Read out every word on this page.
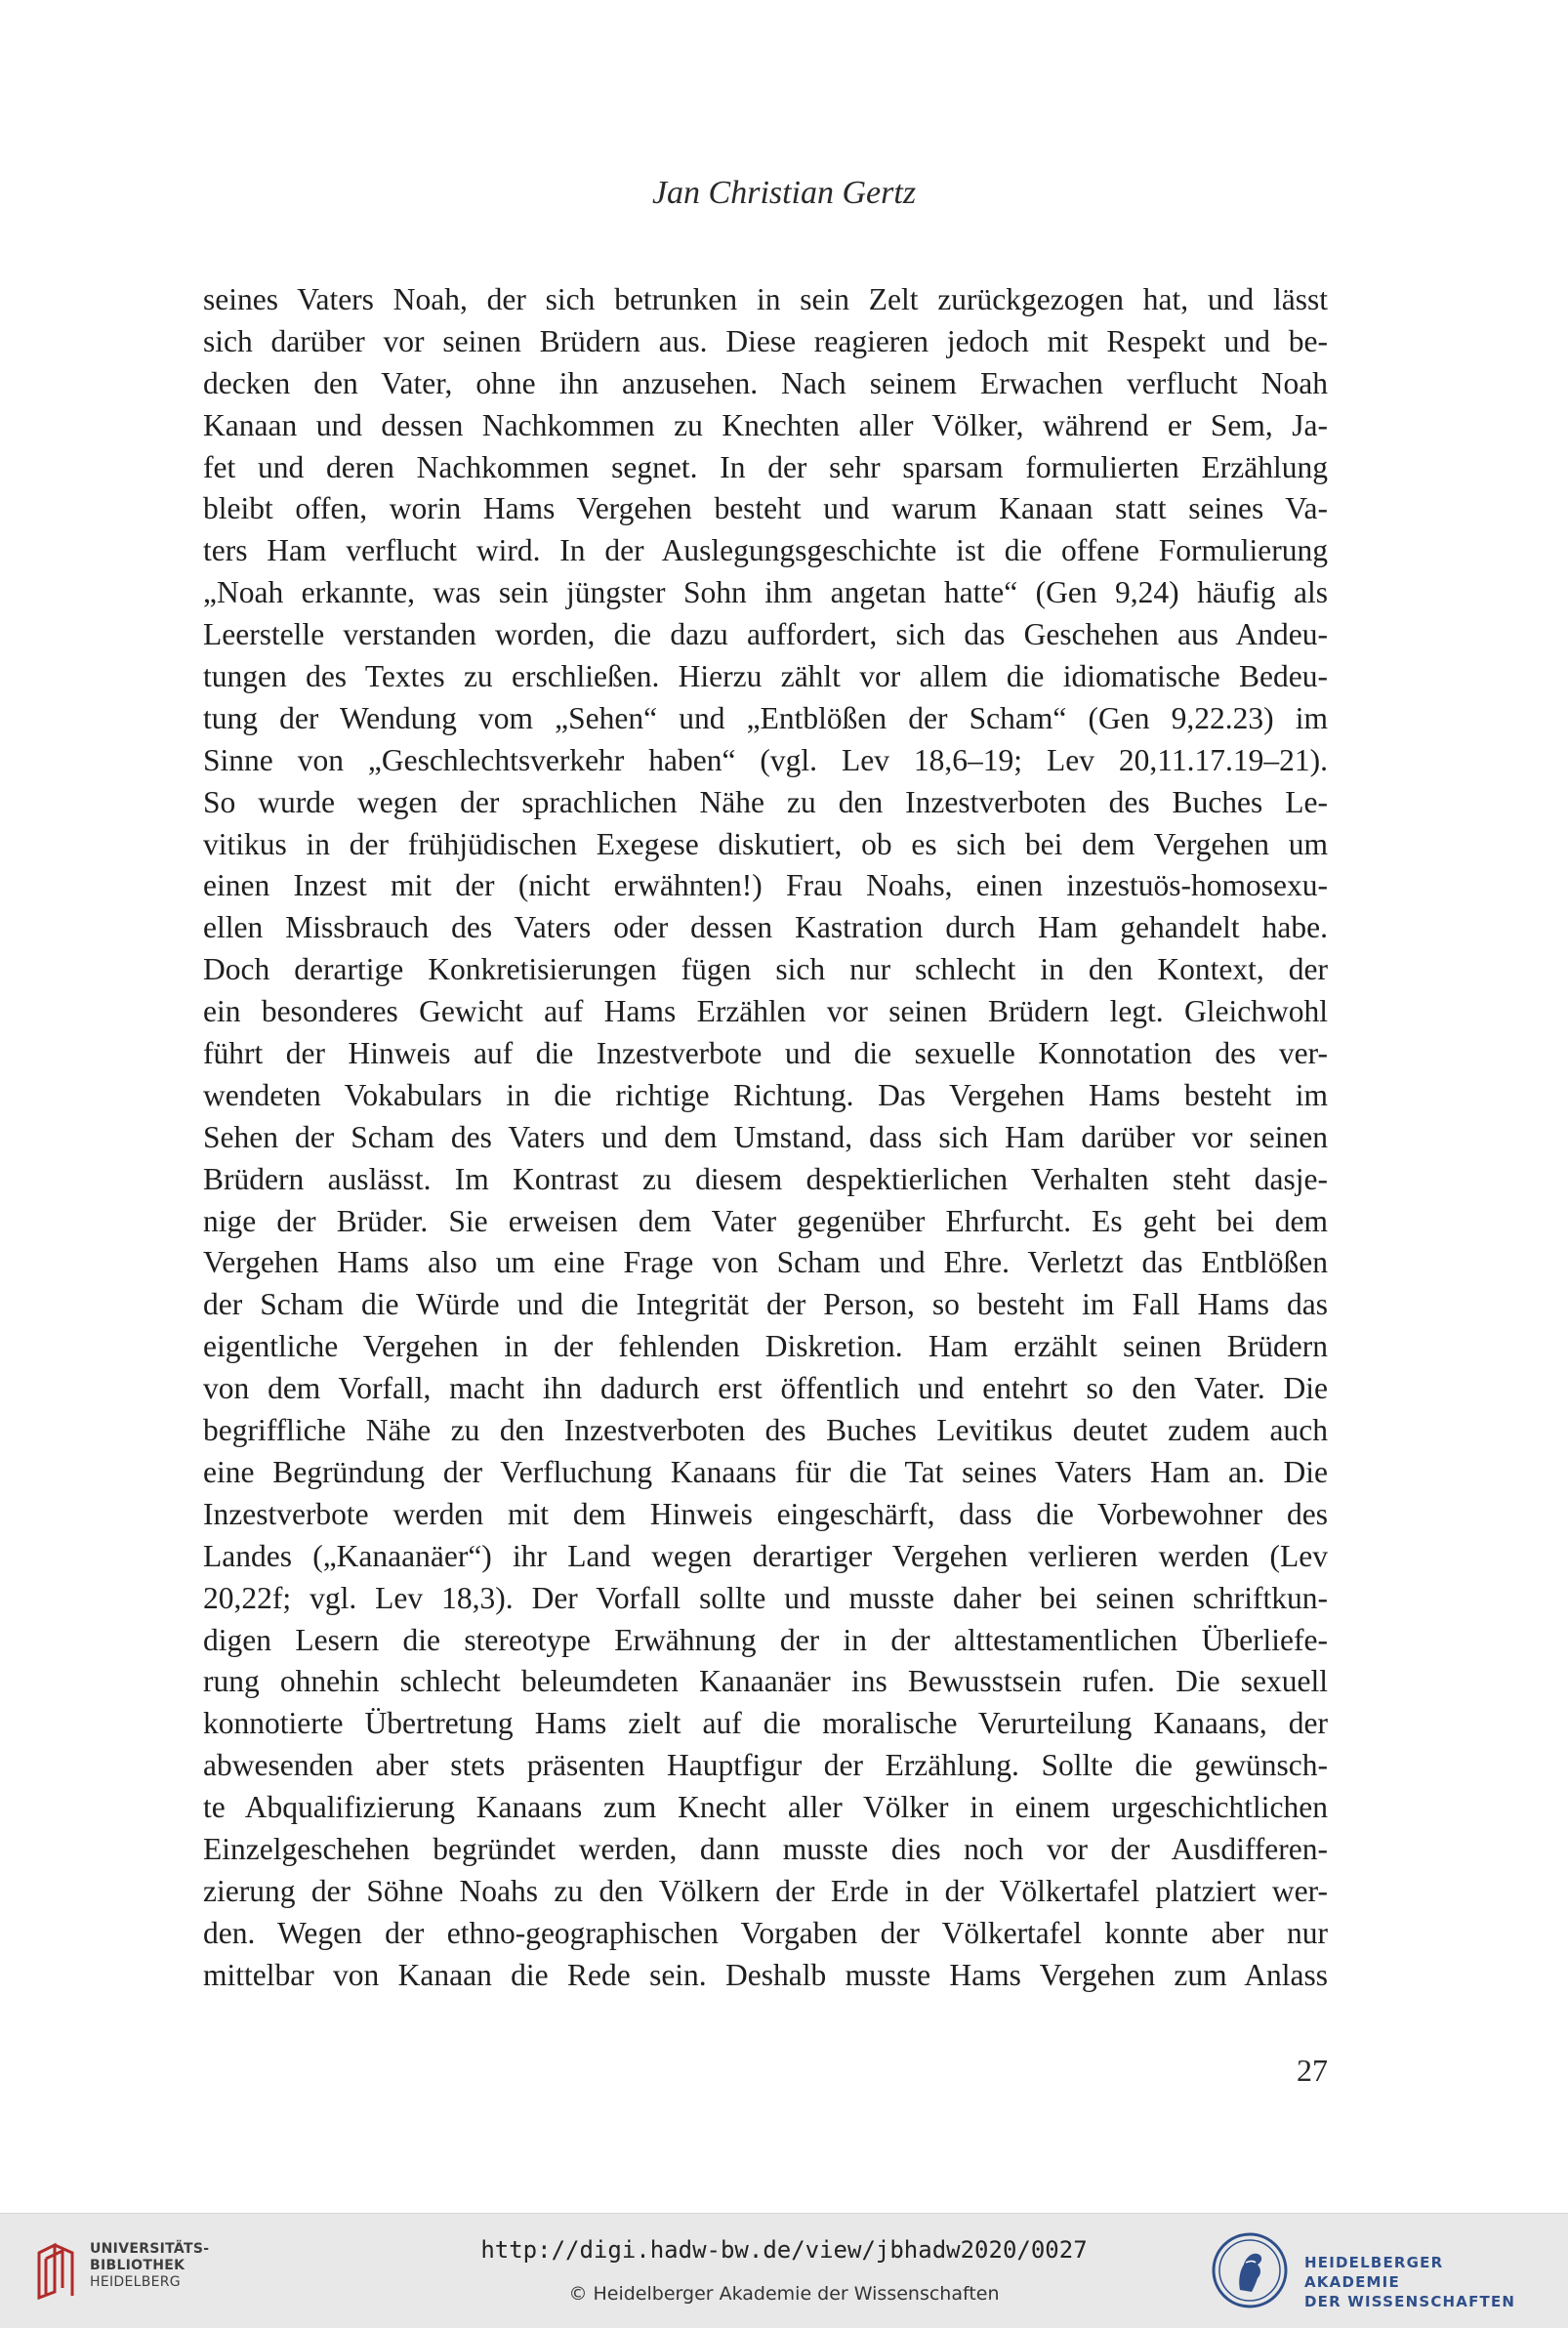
Jan Christian Gertz
seines Vaters Noah, der sich betrunken in sein Zelt zurückgezogen hat, und lässt
sich darüber vor seinen Brüdern aus. Diese reagieren jedoch mit Respekt und be-
decken den Vater, ohne ihn anzusehen. Nach seinem Erwachen verflucht Noah
Kanaan und dessen Nachkommen zu Knechten aller Völker, während er Sem, Ja-
fet und deren Nachkommen segnet. In der sehr sparsam formulierten Erzählung
bleibt offen, worin Hams Vergehen besteht und warum Kanaan statt seines Va-
ters Ham verflucht wird. In der Auslegungsgeschichte ist die offene Formulierung
„Noah erkannte, was sein jüngster Sohn ihm angetan hatte“ (Gen 9,24) häufig als
Leerstelle verstanden worden, die dazu auffordert, sich das Geschehen aus Andeu-
tungen des Textes zu erschließen. Hierzu zählt vor allem die idiomatische Bedeu-
tung der Wendung vom „Sehen“ und „Entblößen der Scham“ (Gen 9,22.23) im
Sinne von „Geschlechtsverkehr haben“ (vgl. Lev 18,6–19; Lev 20,11.17.19–21).
So wurde wegen der sprachlichen Nähe zu den Inzestverboten des Buches Le-
vitikus in der frühjüdischen Exegese diskutiert, ob es sich bei dem Vergehen um
einen Inzest mit der (nicht erwähnten!) Frau Noahs, einen inzestuös-homosexu-
ellen Missbrauch des Vaters oder dessen Kastration durch Ham gehandelt habe.
Doch derartige Konkretisierungen fügen sich nur schlecht in den Kontext, der
ein besonderes Gewicht auf Hams Erzählen vor seinen Brüdern legt. Gleichwohl
führt der Hinweis auf die Inzestverbote und die sexuelle Konnotation des ver-
wendeten Vokabulars in die richtige Richtung. Das Vergehen Hams besteht im
Sehen der Scham des Vaters und dem Umstand, dass sich Ham darüber vor seinen
Brüdern auslässt. Im Kontrast zu diesem despektierlichen Verhalten steht dasje-
nige der Brüder. Sie erweisen dem Vater gegenüber Ehrfurcht. Es geht bei dem
Vergehen Hams also um eine Frage von Scham und Ehre. Verletzt das Entblößen
der Scham die Würde und die Integrität der Person, so besteht im Fall Hams das
eigentliche Vergehen in der fehlenden Diskretion. Ham erzählt seinen Brüdern
von dem Vorfall, macht ihn dadurch erst öffentlich und entehrt so den Vater. Die
begriffliche Nähe zu den Inzestverboten des Buches Levitikus deutet zudem auch
eine Begründung der Verfluchung Kanaans für die Tat seines Vaters Ham an. Die
Inzestverbote werden mit dem Hinweis eingeschärft, dass die Vorbewohner des
Landes („Kanaanäer“) ihr Land wegen derartiger Vergehen verlieren werden (Lev
20,22f; vgl. Lev 18,3). Der Vorfall sollte und musste daher bei seinen schriftkun-
digen Lesern die stereotype Erwähnung der in der alttestamentlichen Überliefe-
rung ohnehin schlecht beleumdeten Kanaanäer ins Bewusstsein rufen. Die sexuell
konnotierte Übertretung Hams zielt auf die moralische Verurteilung Kanaans, der
abwesenden aber stets präsenten Hauptfigur der Erzählung. Sollte die gewünsch-
te Abqualifizierung Kanaans zum Knecht aller Völker in einem urgeschichtlichen
Einzelgeschehen begründet werden, dann musste dies noch vor der Ausdifferen-
zierung der Söhne Noahs zu den Völkern der Erde in der Völkertafel platziert wer-
den. Wegen der ethno-geographischen Vorgaben der Völkertafel konnte aber nur
mittelbar von Kanaan die Rede sein. Deshalb musste Hams Vergehen zum Anlass
27
UNIVERSITÄTS-
BIBLIOTHEK
HEIDELBERG
http://digi.hadw-bw.de/view/jbhadw2020/0027
© Heidelberger Akademie der Wissenschaften
HEIDELBERGER AKADEMIE
DER WISSENSCHAFTEN
